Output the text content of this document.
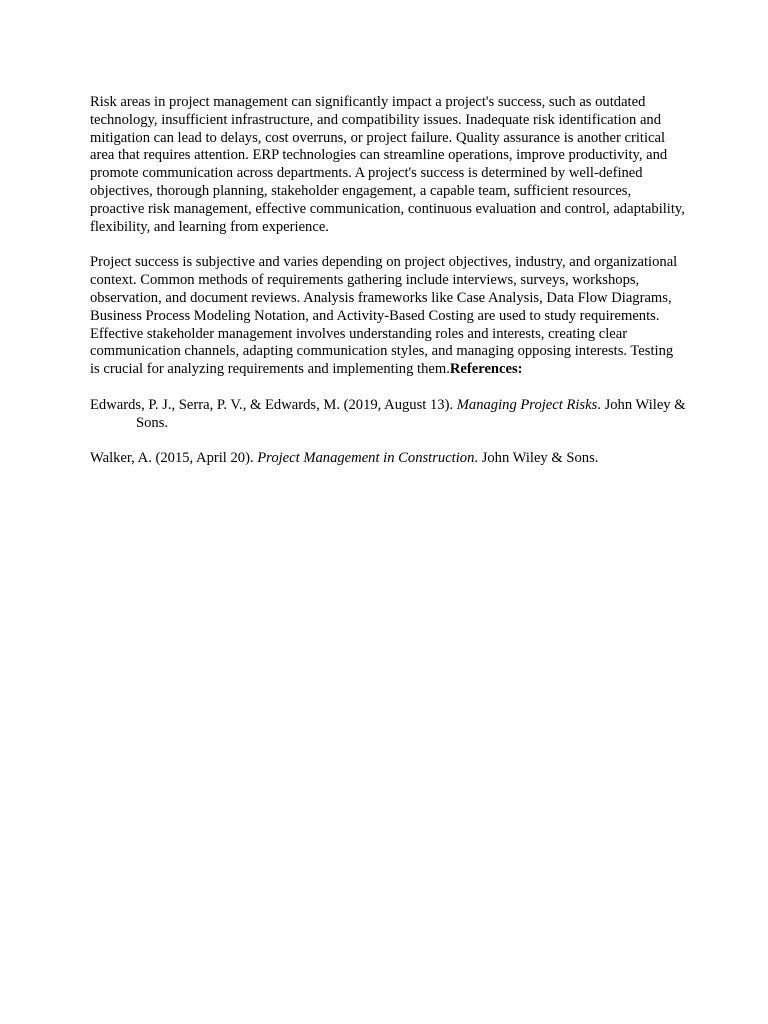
Risk areas in project management can significantly impact a project's success, such as outdated technology, insufficient infrastructure, and compatibility issues. Inadequate risk identification and mitigation can lead to delays, cost overruns, or project failure. Quality assurance is another critical area that requires attention. ERP technologies can streamline operations, improve productivity, and promote communication across departments. A project's success is determined by well-defined objectives, thorough planning, stakeholder engagement, a capable team, sufficient resources, proactive risk management, effective communication, continuous evaluation and control, adaptability, flexibility, and learning from experience.

Project success is subjective and varies depending on project objectives, industry, and organizational context. Common methods of requirements gathering include interviews, surveys, workshops, observation, and document reviews. Analysis frameworks like Case Analysis, Data Flow Diagrams, Business Process Modeling Notation, and Activity-Based Costing are used to study requirements. Effective stakeholder management involves understanding roles and interests, creating clear communication channels, adapting communication styles, and managing opposing interests. Testing is crucial for analyzing requirements and implementing them.References:

Edwards, P. J., Serra, P. V., & Edwards, M. (2019, August 13). Managing Project Risks. John Wiley & Sons.

Walker, A. (2015, April 20). Project Management in Construction. John Wiley & Sons.
